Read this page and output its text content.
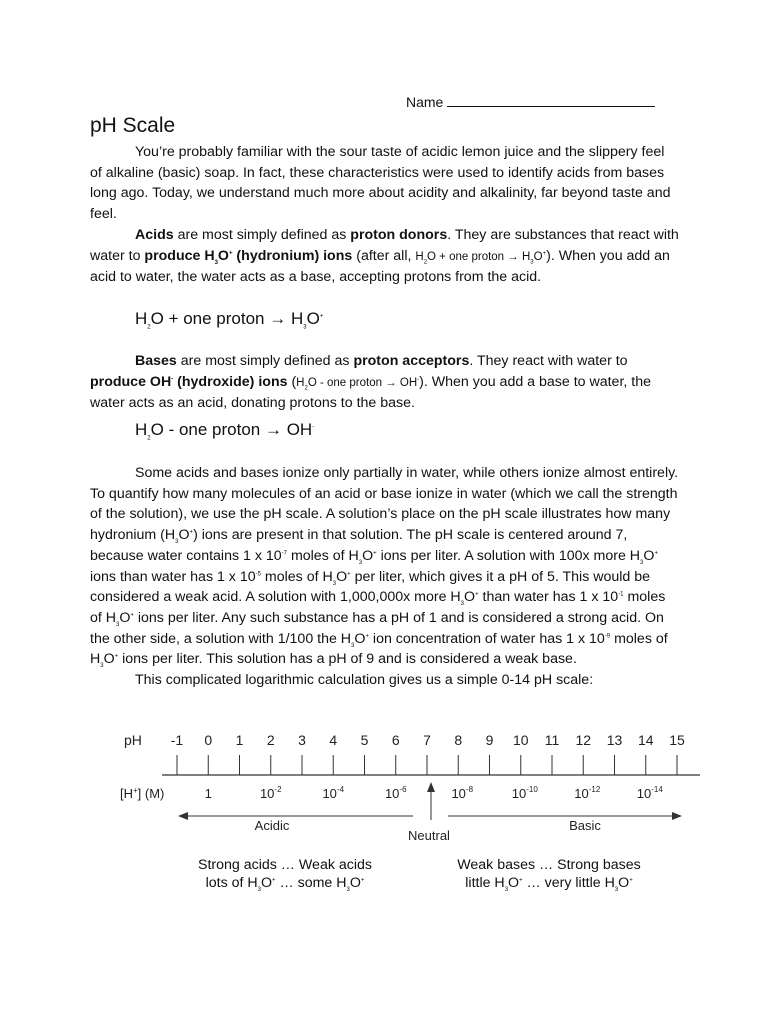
Name
pH Scale

You’re probably familiar with the sour taste of acidic lemon juice and the slippery feel of alkaline (basic) soap. In fact, these characteristics were used to identify acids from bases long ago. Today, we understand much more about acidity and alkalinity, far beyond taste and feel.

Acids are most simply defined as proton donors. They are substances that react with water to produce $H_3O^+$ (hydronium) ions (after all, $H_2O$ + one proton → $H_3O^+$). When you add an acid to water, the water acts as a base, accepting protons from the acid.

$H_2O$ + one proton → $H_3O^+$

Bases are most simply defined as proton acceptors. They react with water to produce OH- (hydroxide) ions ($H_2O$ - one proton → OH-). When you add a base to water, the water acts as an acid, donating protons to the base.

$H_2O$ - one proton → OH-

Some acids and bases ionize only partially in water, while others ionize almost entirely. To quantify how many molecules of an acid or base ionize in water (which we call the strength of the solution), we use the pH scale. A solution’s place on the pH scale illustrates how many hydronium $(H_3O^+)$ ions are present in that solution. The pH scale is centered around 7, because water contains 1 x $10^{-7}$ moles of $H_3O^+$ ions per liter. A solution with 100x more $H_3O^+$ ions than water has 1 x $10^{-5}$ moles of $H_3O^+$ per liter, which gives it a pH of 5. This would be considered a weak acid. A solution with 1,000,000x more $H_3O^+$ than water has 1 x $10^{-1}$ moles of $H_3O^+$ ions per liter. Any such substance has a pH of 1 and is considered a strong acid. On the other side, a solution with 1/100 the $H_3O^+$ ion concentration of water has 1 x $10^{-9}$ moles of $H_3O^+$ ions per liter. This solution has a pH of 9 and is considered a weak base.

This complicated logarithmic calculation gives us a simple 0-14 pH scale:

pH -1 0 1 2 3 4 5 6 7 8 9 10 11 12 13 14 15
[H+] (M)	1	$10^{-2}$	$10^{-4}$	$10^{-6}$	$10^{-8}$	$10^{-10}$	$10^{-12}$	$10^{-14}$
Acidic	Basic
Neutral
Strong acids … Weak acids
lots of $H_3O^+$ … some $H_3O^+$
Weak bases … Strong bases
little $H_3O^+$ … very little $H_3O^+$
